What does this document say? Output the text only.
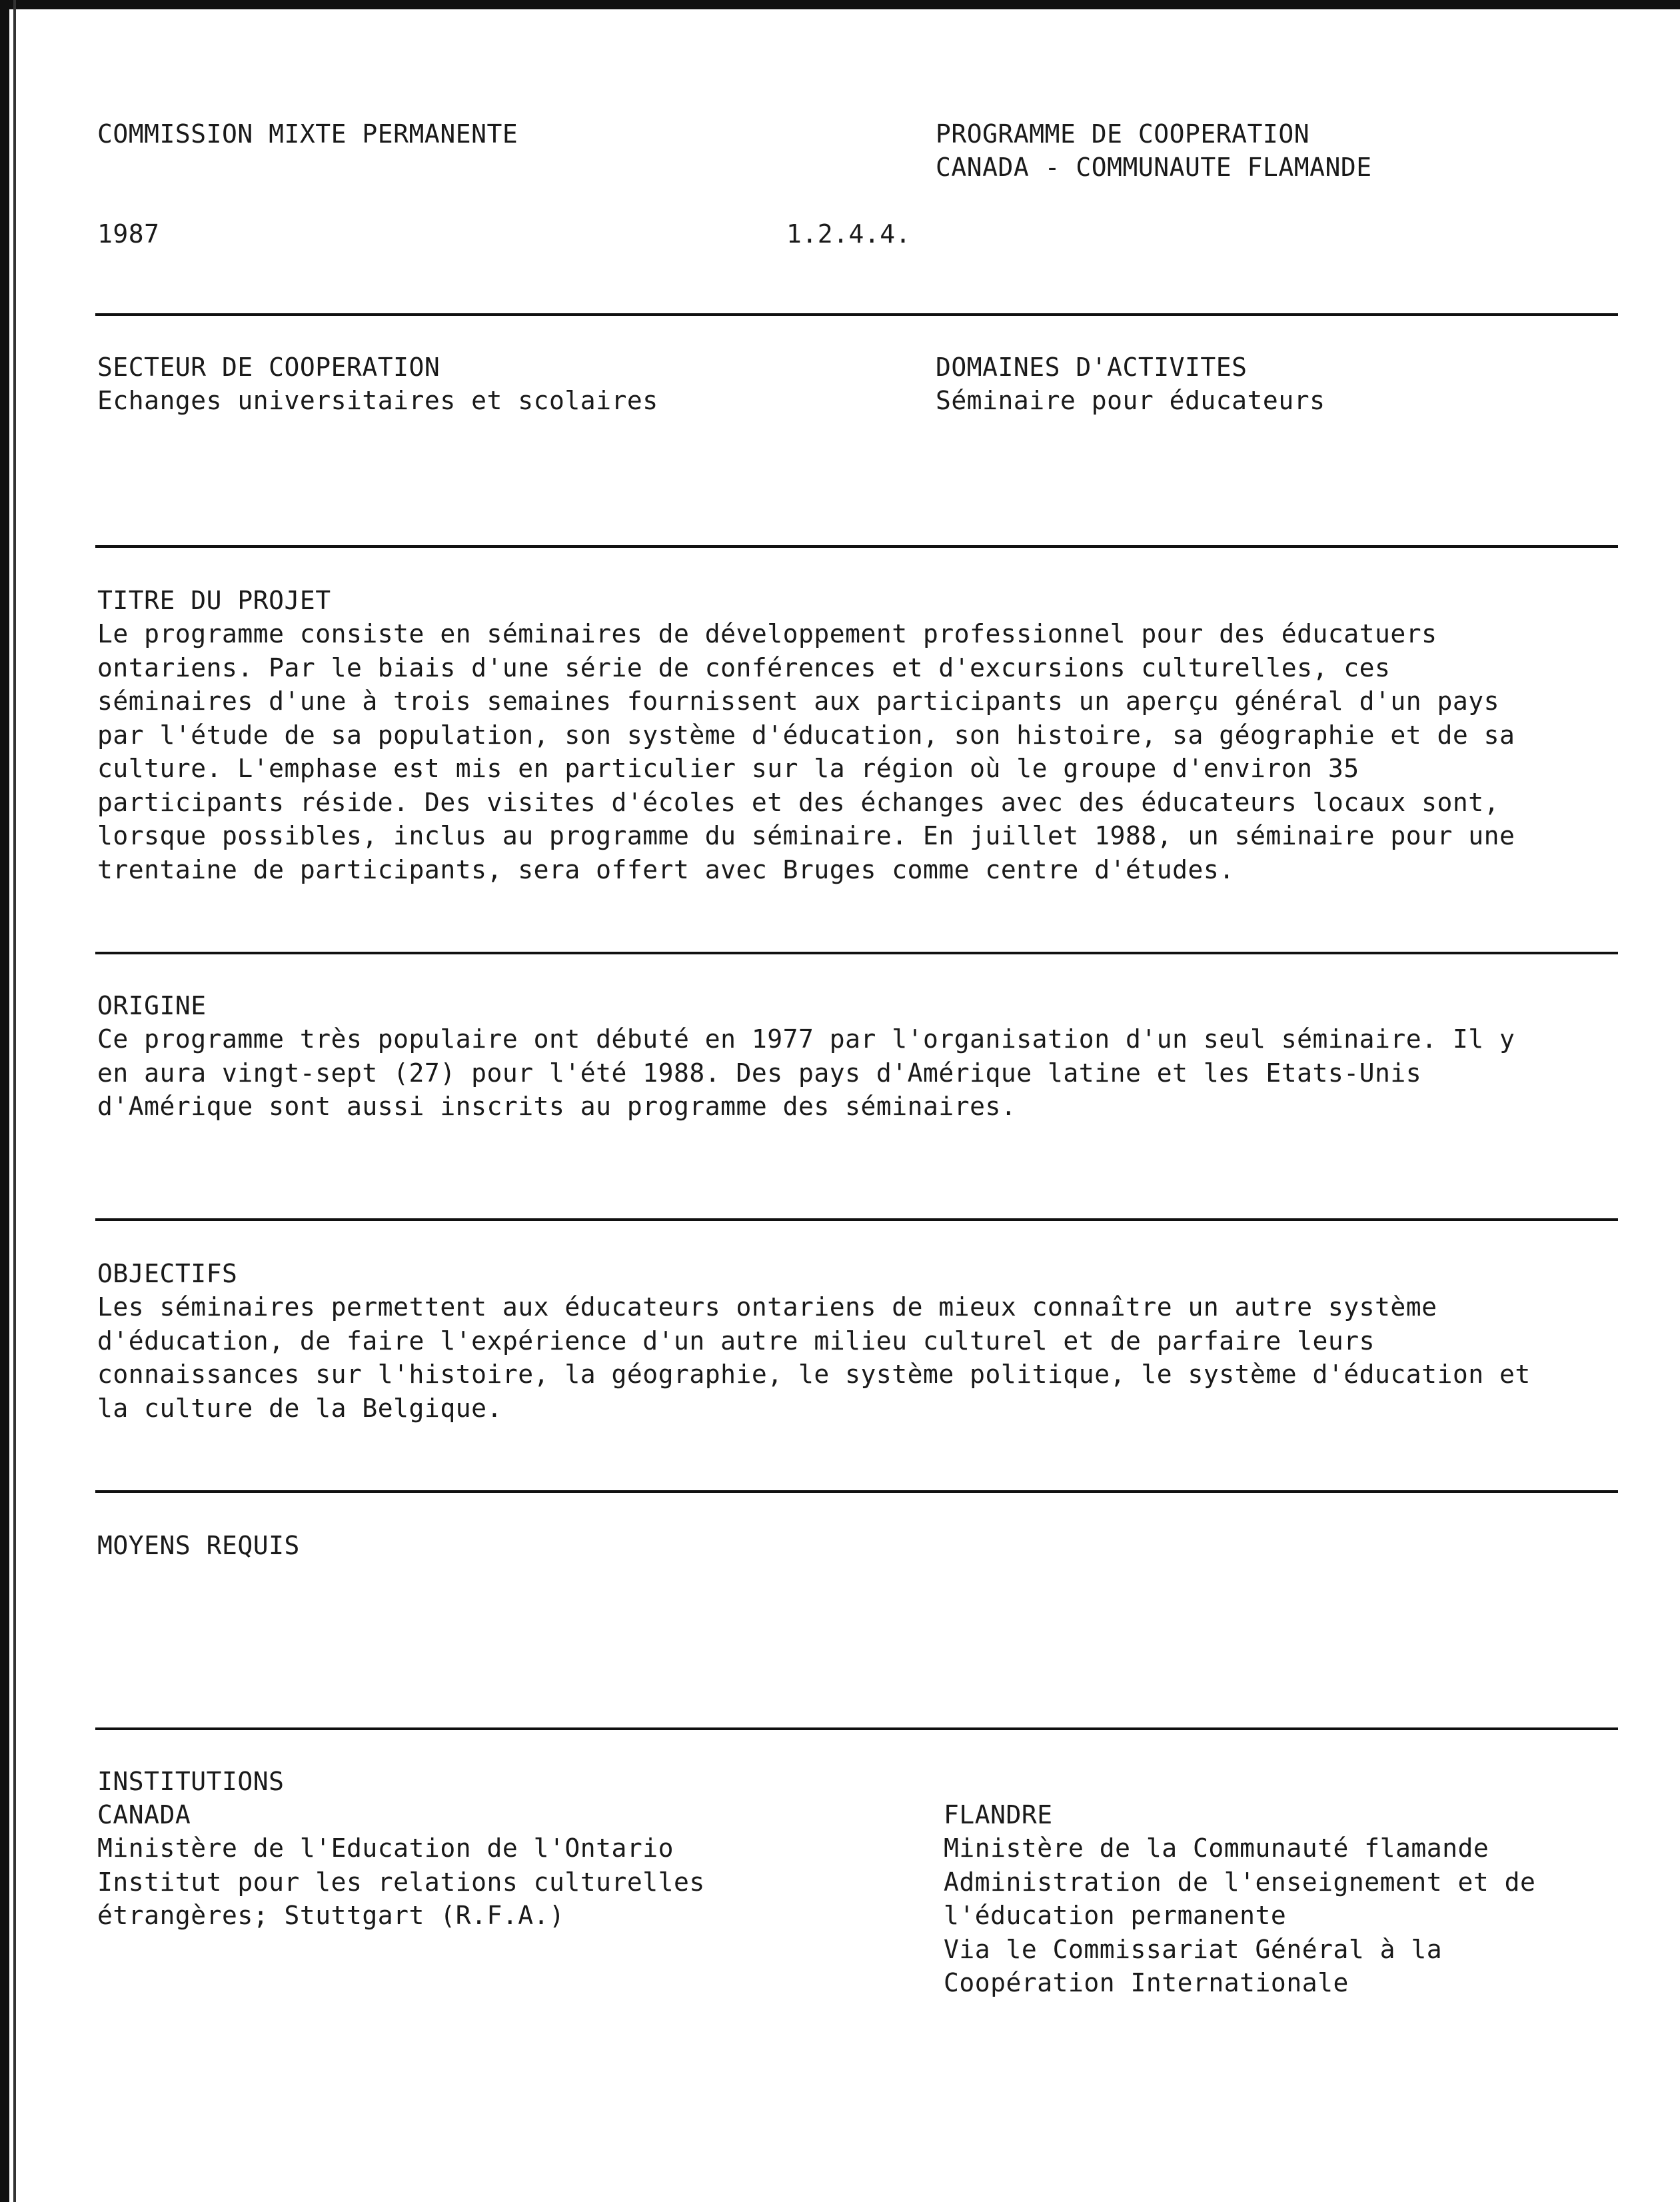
COMMISSION MIXTE PERMANENTE	PROGRAMME DE COOPERATION
CANADA - COMMUNAUTE FLAMANDE
1987	1.2.4.4.
SECTEUR DE COOPERATION
Echanges universitaires et scolaires
DOMAINES D'ACTIVITES
Séminaire pour éducateurs
TITRE DU PROJET
Le programme consiste en séminaires de développement professionnel pour des éducatuers
ontariens. Par le biais d'une série de conférences et d'excursions culturelles, ces
séminaires d'une à trois semaines fournissent aux participants un aperçu général d'un pays
par l'étude de sa population, son système d'éducation, son histoire, sa géographie et de sa
culture. L'emphase est mis en particulier sur la région où le groupe d'environ 35
participants réside. Des visites d'écoles et des échanges avec des éducateurs locaux sont,
lorsque possibles, inclus au programme du séminaire. En juillet 1988, un séminaire pour une
trentaine de participants, sera offert avec Bruges comme centre d'études.
ORIGINE
Ce programme très populaire ont débuté en 1977 par l'organisation d'un seul séminaire. Il y
en aura vingt-sept (27) pour l'été 1988. Des pays d'Amérique latine et les Etats-Unis
d'Amérique sont aussi inscrits au programme des séminaires.
OBJECTIFS
Les séminaires permettent aux éducateurs ontariens de mieux connaître un autre système
d'éducation, de faire l'expérience d'un autre milieu culturel et de parfaire leurs
connaissances sur l'histoire, la géographie, le système politique, le système d'éducation et
la culture de la Belgique.
MOYENS REQUIS
INSTITUTIONS
CANADA
Ministère de l'Education de l'Ontario
Institut pour les relations culturelles
étrangères; Stuttgart (R.F.A.)
FLANDRE
Ministère de la Communauté flamande
Administration de l'enseignement et de
l'éducation permanente
Via le Commissariat Général à la
Coopération Internationale
